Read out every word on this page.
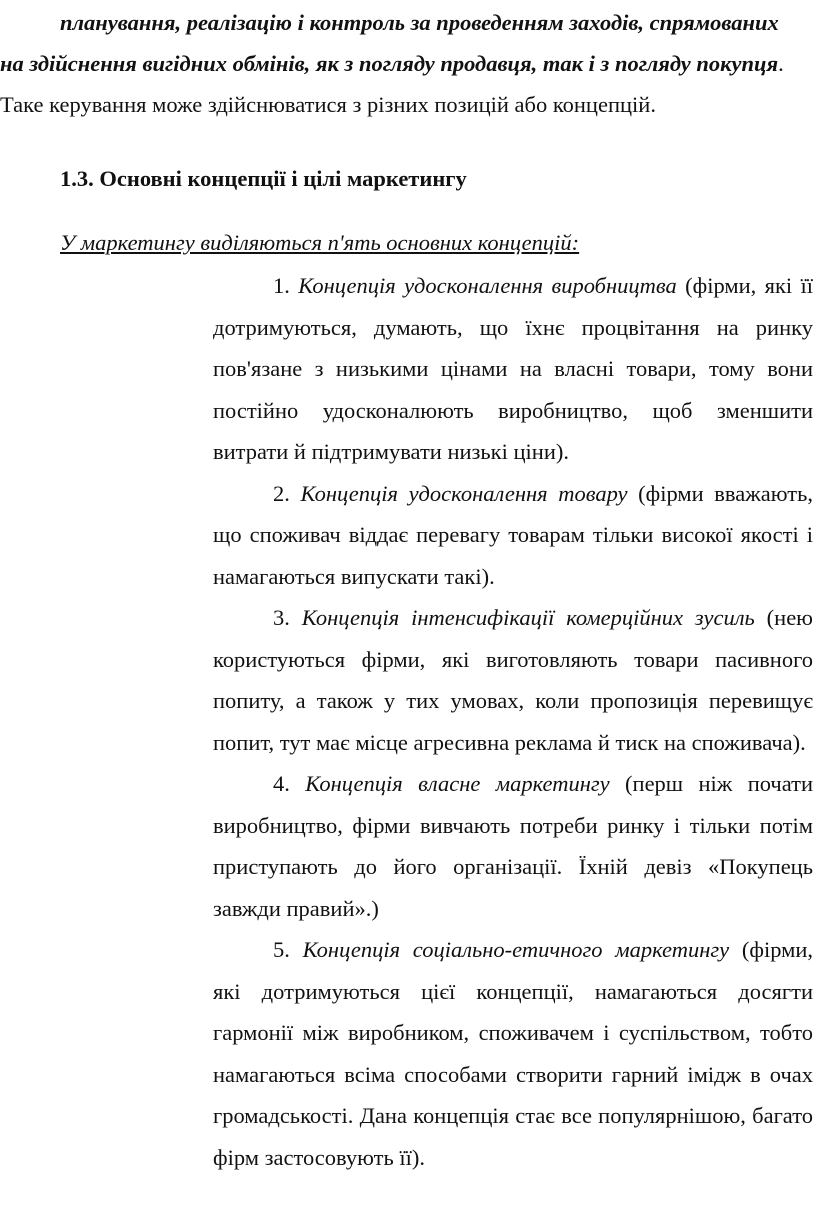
планування, реалізацію і контроль за проведенням заходів, спрямованих
на здійснення вигідних обмінів, як з погляду продавця, так і з погляду покупця.
Таке керування може здійснюватися з різних позицій або концепцій.
1.3. Основні концепції і цілі маркетингу
У маркетингу виділяються п'ять основних концепцій:

1. Концепція удосконалення виробництва (фірми, які її дотримуються, думають, що їхнє процвітання на ринку пов'язане з низькими цінами на власні товари, тому вони постійно удосконалюють виробництво, щоб зменшити витрати й підтримувати низькі ціни).

2. Концепція удосконалення товару (фірми вважають, що споживач віддає перевагу товарам тільки високої якості і намагаються випускати такі).

3. Концепція інтенсифікації комерційних зусиль (нею користуються фірми, які виготовляють товари пасивного попиту, а також у тих умовах, коли пропозиція перевищує попит, тут має місце агресивна реклама й тиск на споживача).

4. Концепція власне маркетингу (перш ніж почати виробництво, фірми вивчають потреби ринку і тільки потім приступають до його організації. Їхній девіз «Покупець завжди правий».)

5. Концепція соціально-етичного маркетингу (фірми, які дотримуються цієї концепції, намагаються досягти гармонії між виробником, споживачем і суспільством, тобто намагаються всіма способами створити гарний імідж в очах громадськості. Дана концепція стає все популярнішою, багато фірм застосовують її).
